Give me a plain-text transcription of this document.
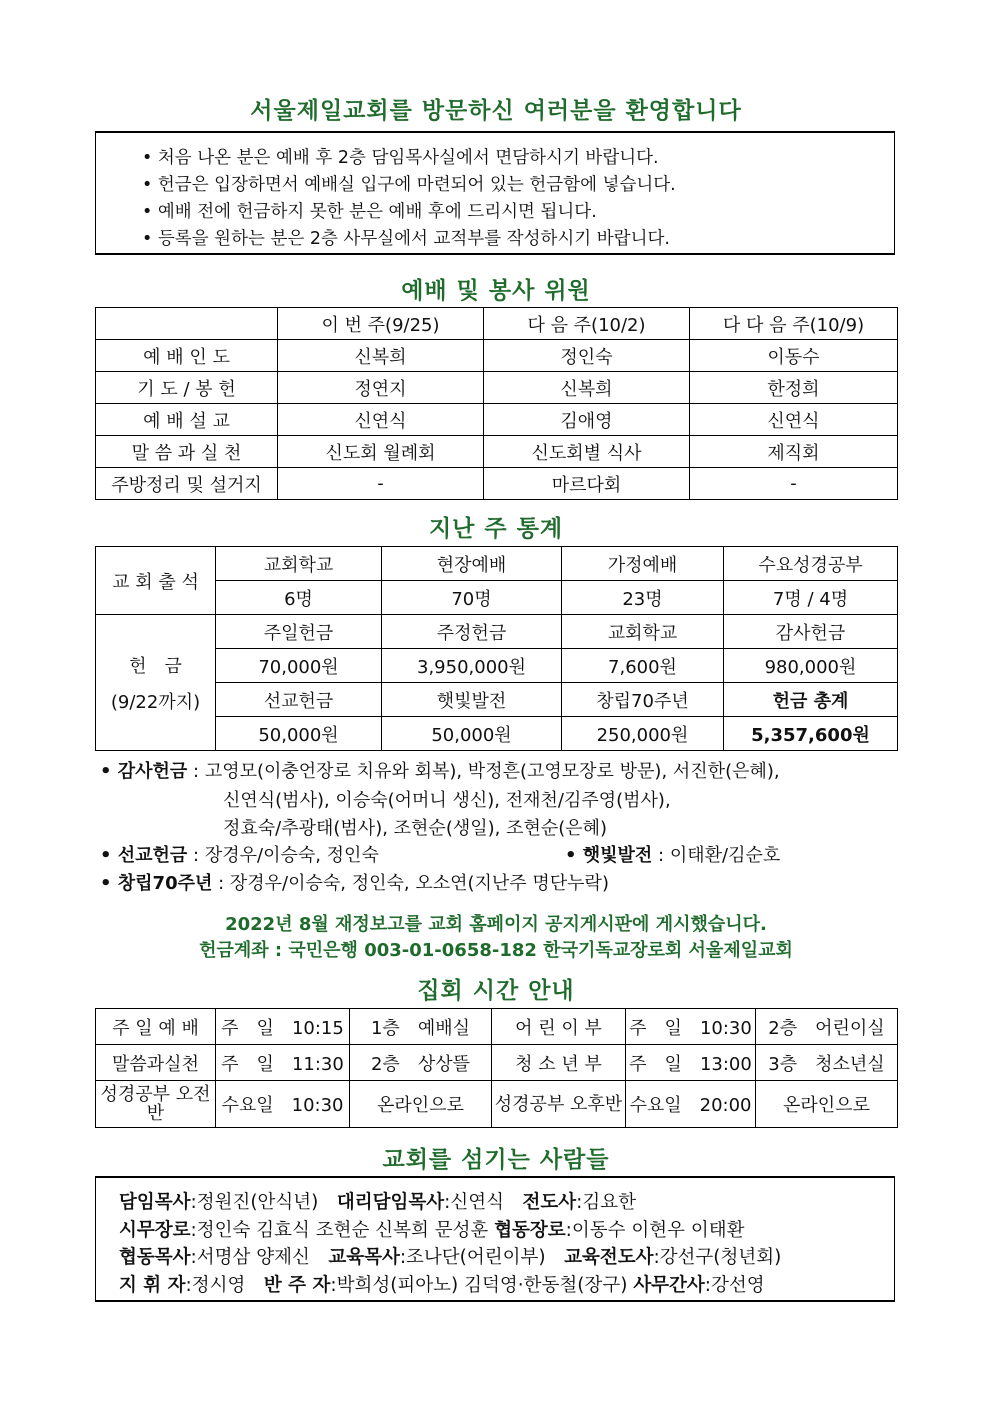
서울제일교회를 방문하신 여러분을 환영합니다
• 처음 나온 분은 예배 후 2층 담임목사실에서 면담하시기 바랍니다.
• 헌금은 입장하면서 예배실 입구에 마련되어 있는 헌금함에 넣습니다.
• 예배 전에 헌금하지 못한 분은 예배 후에 드리시면 됩니다.
• 등록을 원하는 분은 2층 사무실에서 교적부를 작성하시기 바랍니다.
예배 및 봉사 위원
	이 번 주(9/25)	다 음 주(10/2)	다 다 음 주(10/9)
예 배 인 도	신복희	정인숙	이동수
기 도 / 봉 헌	정연지	신복희	한정희
예 배 설 교	신연식	김애영	신연식
말 씀 과 실 천	신도회 월례회	신도회별 식사	제직회
주방정리 및 설거지	-	마르다회	-
지난 주 통계
교 회 출 석	교회학교	현장예배	가정예배	수요성경공부
	6명	70명	23명	7명 / 4명

헌　금
(9/22까지)	주일헌금	주정헌금	교회학교	감사헌금
	70,000원	3,950,000원	7,600원	980,000원
	선교헌금	햇빛발전	창립70주년	헌금 총계
	50,000원	50,000원	250,000원	5,357,600원
• 감사헌금 : 고영모(이충언장로 치유와 회복), 박정흔(고영모장로 방문), 서진한(은혜),
신연식(범사), 이승숙(어머니 생신), 전재천/김주영(범사),
정효숙/추광태(범사), 조현순(생일), 조현순(은혜)
• 선교헌금 : 장경우/이승숙, 정인숙	• 햇빛발전 : 이태환/김순호
• 창립70주년 : 장경우/이승숙, 정인숙, 오소연(지난주 명단누락)
2022년 8월 재정보고를 교회 홈페이지 공지게시판에 게시했습니다.
헌금계좌 : 국민은행 003-01-0658-182 한국기독교장로회 서울제일교회
집회 시간 안내
주 일 예 배	주　일　10:15	1층　예배실	어 린 이 부	주　일　10:30	2층　어린이실
말씀과실천	주　일　11:30	2층　상상뜰	청 소 년 부	주　일　13:00	3층　청소년실
성경공부 오전반	수요일　10:30	온라인으로	성경공부 오후반	수요일　20:00	온라인으로
교회를 섬기는 사람들
담임목사:정원진(안식년)　대리담임목사:신연식　전도사:김요한
시무장로:정인숙 김효식 조현순 신복희 문성훈 협동장로:이동수 이현우 이태환
협동목사:서명삼 양제신　교육목사:조나단(어린이부)　교육전도사:강선구(청년회)
지 휘 자:정시영　반 주 자:박희성(피아노) 김덕영·한동철(장구) 사무간사:강선영
